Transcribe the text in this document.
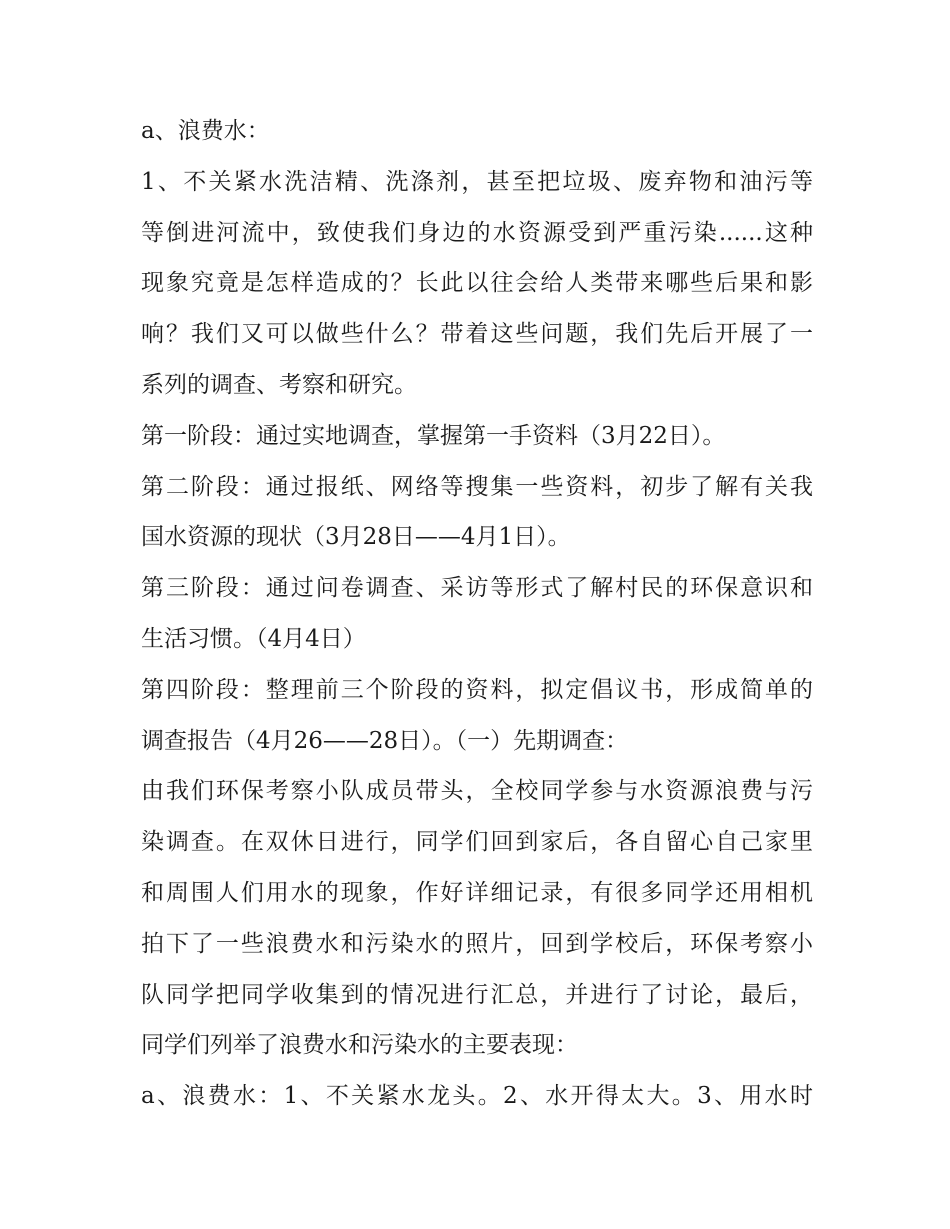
a、浪费水：
1、不关紧水洗洁精、洗涤剂，甚至把垃圾、废弃物和油污等
等倒进河流中，致使我们身边的水资源受到严重污染......这种
现象究竟是怎样造成的？长此以往会给人类带来哪些后果和影
响？我们又可以做些什么？带着这些问题，我们先后开展了一
系列的调查、考察和研究。
第一阶段：通过实地调查，掌握第一手资料（3月22日）。
第二阶段：通过报纸、网络等搜集一些资料，初步了解有关我
国水资源的现状（3月28日——4月1日）。
第三阶段：通过问卷调查、采访等形式了解村民的环保意识和
生活习惯。（4月4日）
第四阶段：整理前三个阶段的资料，拟定倡议书，形成简单的
调查报告（4月26——28日）。（一）先期调查：
由我们环保考察小队成员带头，全校同学参与水资源浪费与污
染调查。在双休日进行，同学们回到家后，各自留心自己家里
和周围人们用水的现象，作好详细记录，有很多同学还用相机
拍下了一些浪费水和污染水的照片，回到学校后，环保考察小
队同学把同学收集到的情况进行汇总，并进行了讨论，最后，
同学们列举了浪费水和污染水的主要表现：
a、浪费水：1、不关紧水龙头。2、水开得太大。3、用水时
